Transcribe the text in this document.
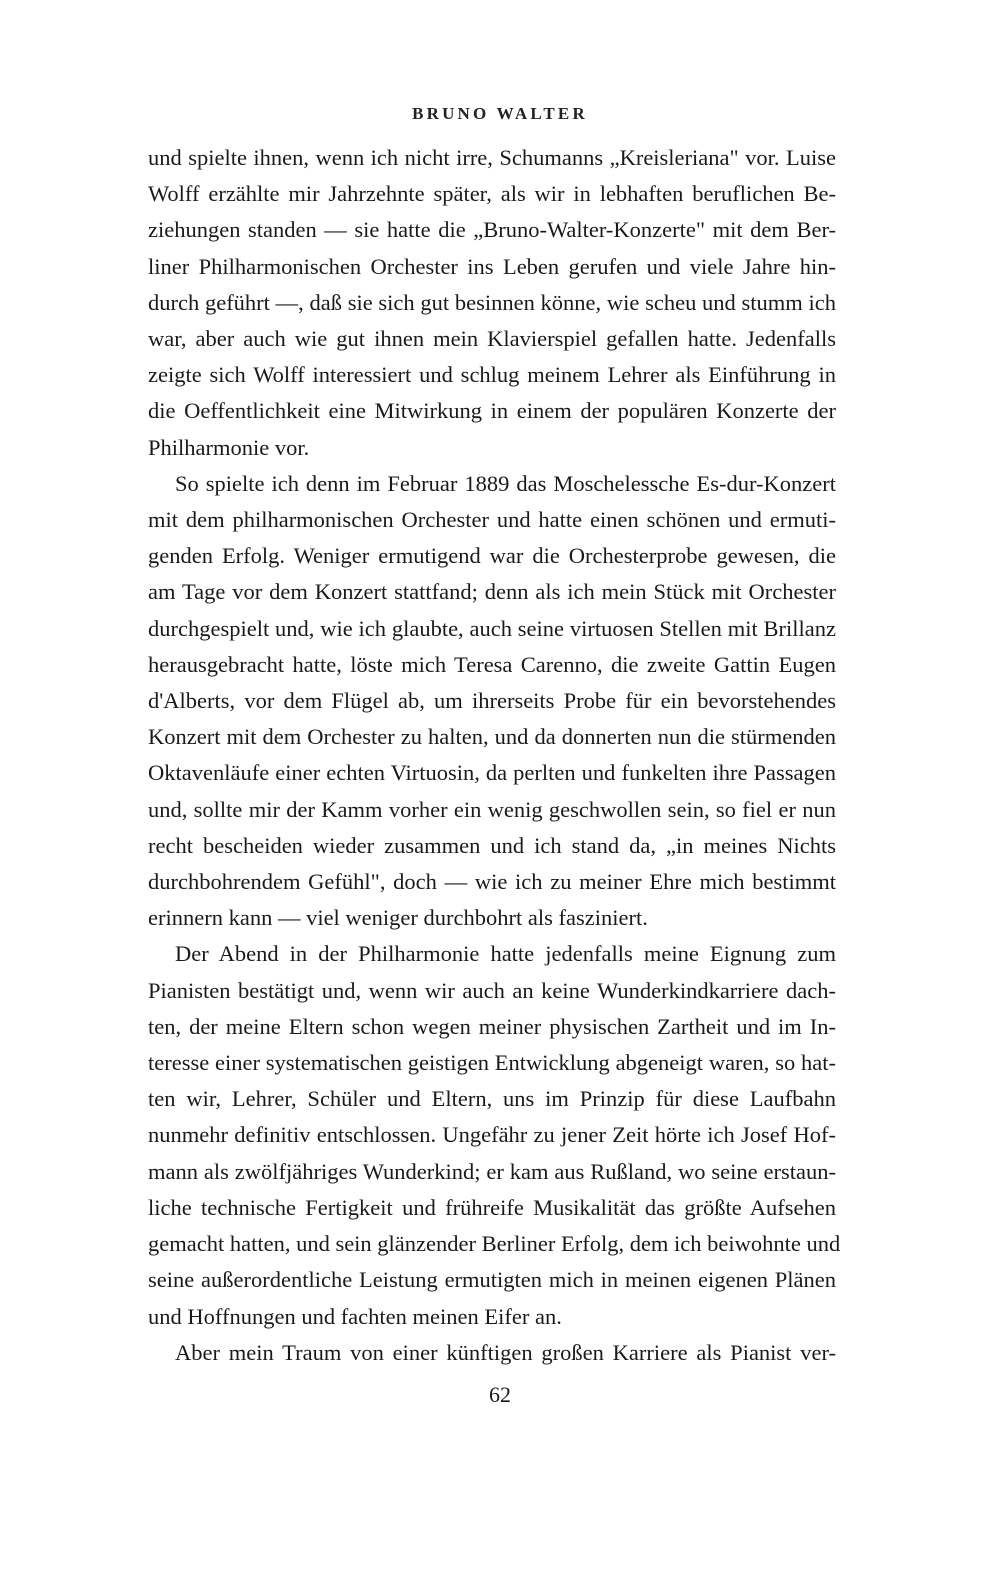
BRUNO WALTER
und spielte ihnen, wenn ich nicht irre, Schumanns „Kreisleriana" vor. Luise
Wolff erzählte mir Jahrzehnte später, als wir in lebhaften beruflichen Be-
ziehungen standen — sie hatte die „Bruno-Walter-Konzerte" mit dem Ber-
liner Philharmonischen Orchester ins Leben gerufen und viele Jahre hin-
durch geführt —, daß sie sich gut besinnen könne, wie scheu und stumm ich
war, aber auch wie gut ihnen mein Klavierspiel gefallen hatte. Jedenfalls
zeigte sich Wolff interessiert und schlug meinem Lehrer als Einführung in
die Oeffentlichkeit eine Mitwirkung in einem der populären Konzerte der
Philharmonie vor.
So spielte ich denn im Februar 1889 das Moschelessche Es-dur-Konzert
mit dem philharmonischen Orchester und hatte einen schönen und ermuti-
genden Erfolg. Weniger ermutigend war die Orchesterprobe gewesen, die
am Tage vor dem Konzert stattfand; denn als ich mein Stück mit Orchester
durchgespielt und, wie ich glaubte, auch seine virtuosen Stellen mit Brillanz
herausgebracht hatte, löste mich Teresa Carenno, die zweite Gattin Eugen
d'Alberts, vor dem Flügel ab, um ihrerseits Probe für ein bevorstehendes
Konzert mit dem Orchester zu halten, und da donnerten nun die stürmenden
Oktavenläufe einer echten Virtuosin, da perlten und funkelten ihre Passagen
und, sollte mir der Kamm vorher ein wenig geschwollen sein, so fiel er nun
recht bescheiden wieder zusammen und ich stand da, „in meines Nichts
durchbohrendem Gefühl", doch — wie ich zu meiner Ehre mich bestimmt
erinnern kann — viel weniger durchbohrt als fasziniert.
Der Abend in der Philharmonie hatte jedenfalls meine Eignung zum
Pianisten bestätigt und, wenn wir auch an keine Wunderkindkarriere dach-
ten, der meine Eltern schon wegen meiner physischen Zartheit und im In-
teresse einer systematischen geistigen Entwicklung abgeneigt waren, so hat-
ten wir, Lehrer, Schüler und Eltern, uns im Prinzip für diese Laufbahn
nunmehr definitiv entschlossen. Ungefähr zu jener Zeit hörte ich Josef Hof-
mann als zwölfjähriges Wunderkind; er kam aus Rußland, wo seine erstaun-
liche technische Fertigkeit und frühreife Musikalität das größte Aufsehen
gemacht hatten, und sein glänzender Berliner Erfolg, dem ich beiwohnte und
seine außerordentliche Leistung ermutigten mich in meinen eigenen Plänen
und Hoffnungen und fachten meinen Eifer an.
Aber mein Traum von einer künftigen großen Karriere als Pianist ver-
62
